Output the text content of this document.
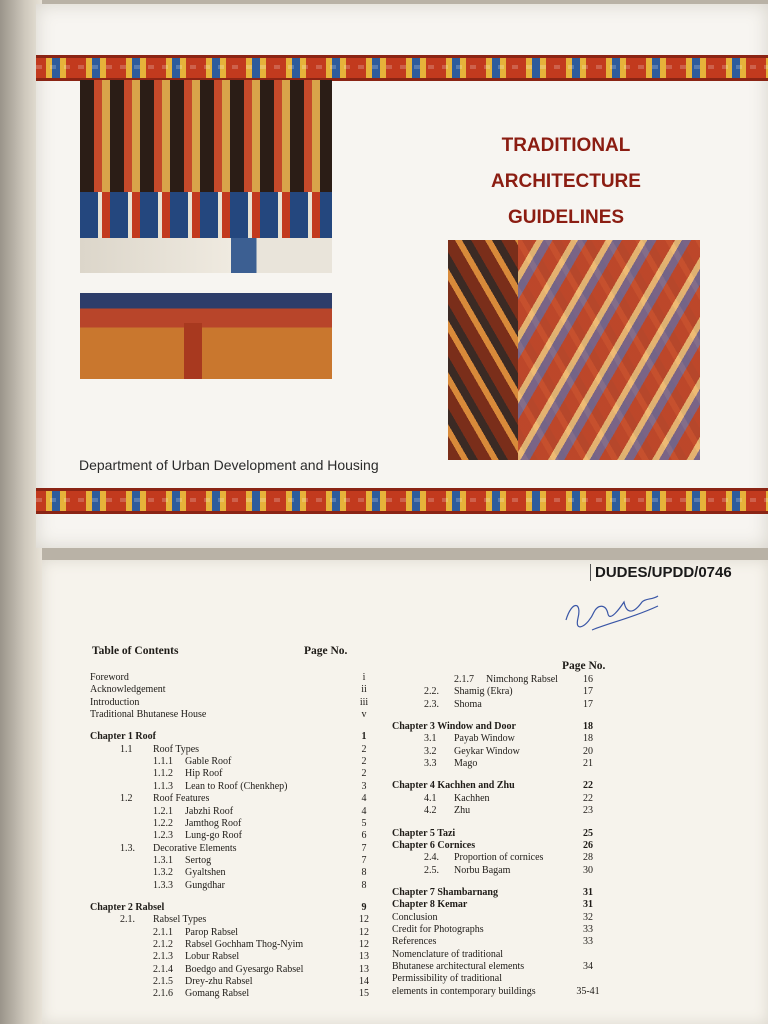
TRADITIONAL
ARCHITECTURE
GUIDELINES
Department of Urban Development and Housing
DUDES/UPDD/0746
Table of Contents	Page No.
Page No.
Foreword	i
Acknowledgement	ii
Introduction	iii
Traditional Bhutanese House	v
Chapter 1 Roof	1
1.1 Roof Types	2
1.1.1 Gable Roof	2
1.1.2 Hip Roof	2
1.1.3 Lean to Roof (Chenkhep)	3
1.2 Roof Features	4
1.2.1 Jabzhi Roof	4
1.2.2 Jamthog Roof	5
1.2.3 Lung-go Roof	6
1.3. Decorative Elements	7
1.3.1 Sertog	7
1.3.2 Gyaltshen	8
1.3.3 Gungdhar	8
Chapter 2 Rabsel	9
2.1. Rabsel Types	12
2.1.1 Parop Rabsel	12
2.1.2 Rabsel Gochham Thog-Nyim	12
2.1.3 Lobur Rabsel	13
2.1.4 Boedgo and Gyesargo Rabsel	13
2.1.5 Drey-zhu Rabsel	14
2.1.6 Gomang Rabsel	15
2.1.7 Nimchong Rabsel	16
2.2. Shamig (Ekra)	17
2.3. Shoma	17
Chapter 3 Window and Door	18
3.1 Payab Window	18
3.2 Geykar Window	20
3.3 Mago	21
Chapter 4 Kachhen and Zhu	22
4.1 Kachhen	22
4.2 Zhu	23
Chapter 5 Tazi	25
Chapter 6 Cornices	26
2.4. Proportion of cornices	28
2.5. Norbu Bagam	30
Chapter 7 Shambarnang	31
Chapter 8 Kemar	31
Conclusion	32
Credit for Photographs	33
References	33
Nomenclature of traditional
Bhutanese architectural elements	34
Permissibility of traditional
elements in contemporary buildings	35-41
